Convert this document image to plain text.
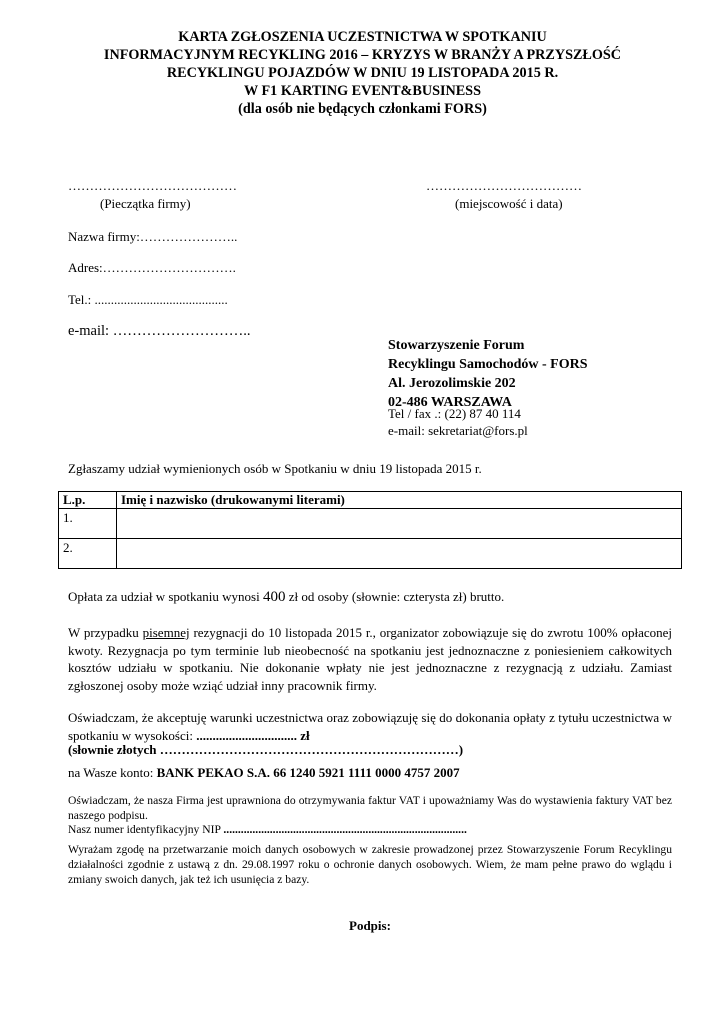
KARTA ZGŁOSZENIA UCZESTNICTWA W SPOTKANIU
INFORMACYJNYM RECYKLING 2016 – KRYZYS W BRANŻY A PRZYSZŁOŚĆ
RECYKLINGU POJAZDÓW W DNIU 19 LISTOPADA 2015 R.
W F1 KARTING EVENT&BUSINESS
(dla osób nie będących członkami FORS)
…………………………………
(Pieczątka firmy)
………………………………
(miejscowość i data)
Nazwa firmy:…………………..
Adres:………………………….
Tel.: .........................................
e-mail: ………………………..
Stowarzyszenie Forum
Recyklingu Samochodów - FORS
Al. Jerozolimskie 202
02-486 WARSZAWA
Tel / fax .: (22) 87 40 114
e-mail: sekretariat@fors.pl
Zgłaszamy udział wymienionych osób w Spotkaniu w dniu 19 listopada 2015 r.
L.p.	Imię i nazwisko (drukowanymi literami)
1.	
2.	
Opłata za udział w spotkaniu wynosi 400 zł od osoby (słownie: czterysta zł) brutto.
W przypadku pisemnej rezygnacji do 10 listopada 2015 r., organizator zobowiązuje się do zwrotu 100% opłaconej kwoty. Rezygnacja po tym terminie lub nieobecność na spotkaniu jest jednoznaczne z poniesieniem całkowitych kosztów udziału w spotkaniu. Nie dokonanie wpłaty nie jest jednoznaczne z rezygnacją z udziału. Zamiast zgłoszonej osoby może wziąć udział inny pracownik firmy.
Oświadczam, że akceptuję warunki uczestnictwa oraz zobowiązuję się do dokonania opłaty z tytułu uczestnictwa w spotkaniu w wysokości: ............................... zł
(słownie złotych ……………………………………………………………)
na Wasze konto: BANK PEKAO S.A. 66 1240 5921 1111 0000 4757 2007
Oświadczam, że nasza Firma jest uprawniona do otrzymywania faktur VAT i upoważniamy Was do wystawienia faktury VAT bez naszego podpisu.
Nasz numer identyfikacyjny NIP ....................................................................................
Wyrażam zgodę na przetwarzanie moich danych osobowych w zakresie prowadzonej przez Stowarzyszenie Forum Recyklingu działalności zgodnie z ustawą z dn. 29.08.1997 roku o ochronie danych osobowych. Wiem, że mam pełne prawo do wglądu i zmiany swoich danych, jak też ich usunięcia z bazy.
Podpis:
